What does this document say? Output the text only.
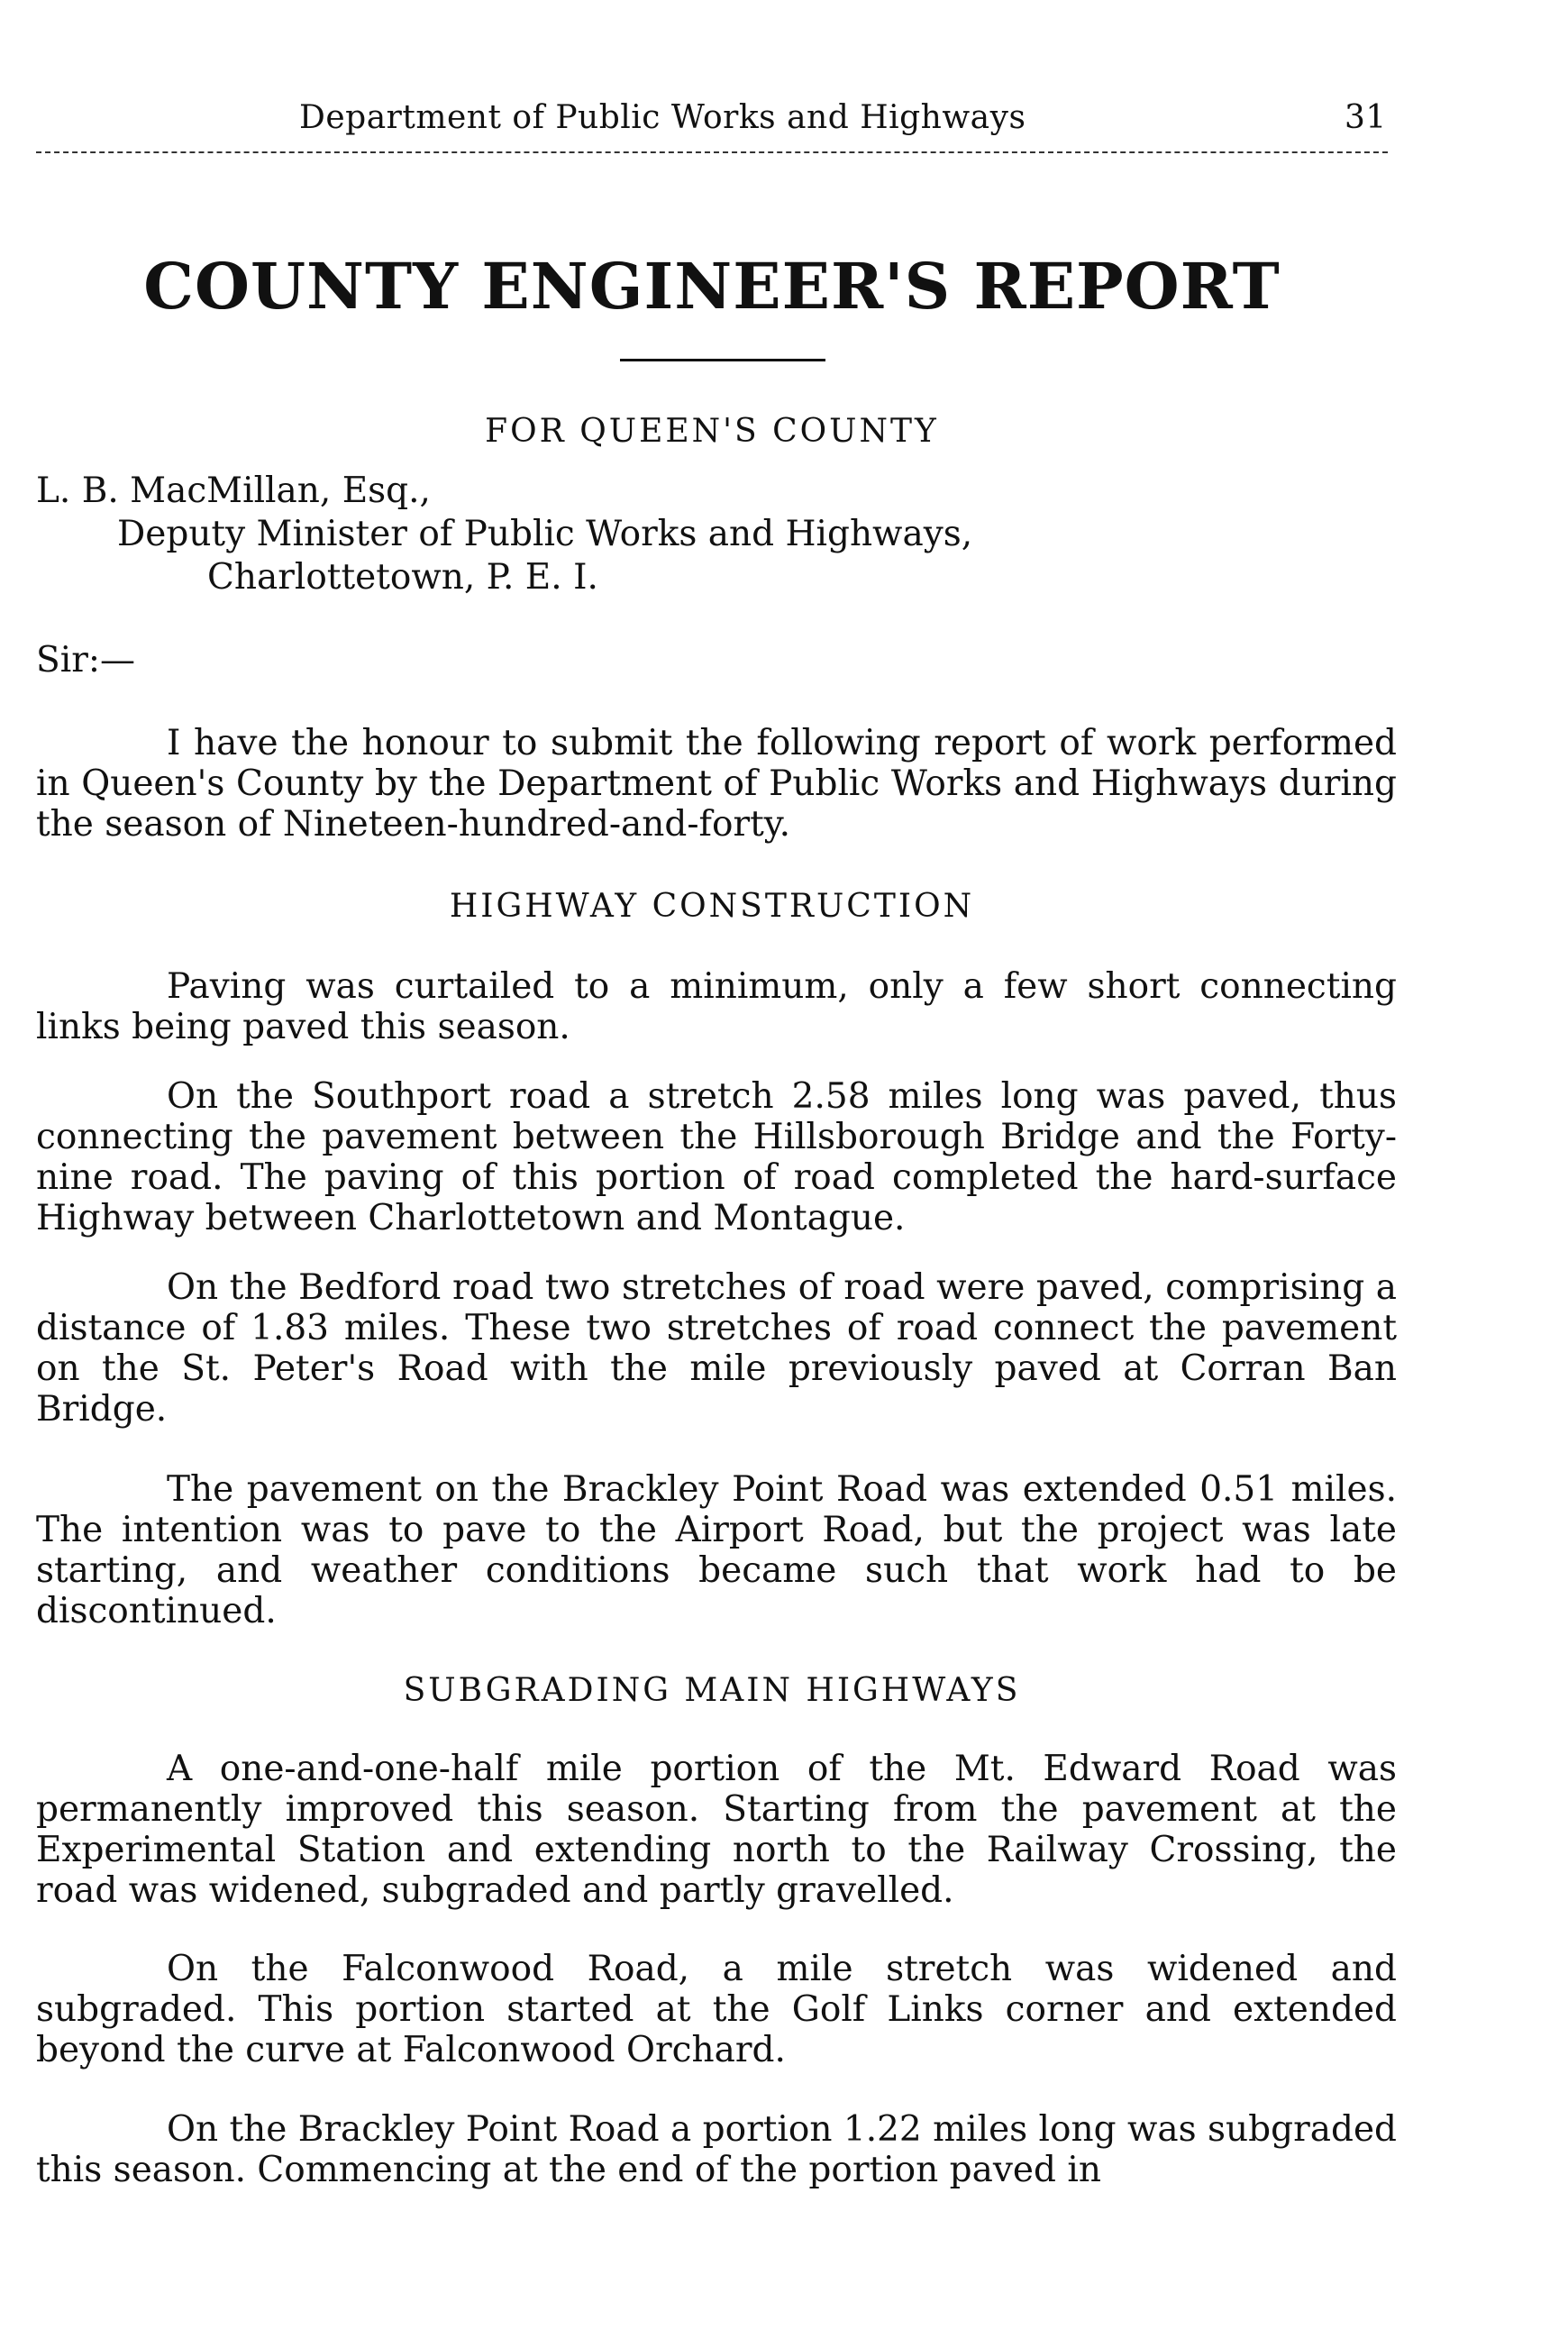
Department of Public Works and Highways	31
COUNTY ENGINEER'S REPORT
FOR QUEEN'S COUNTY
L. B. MacMillan, Esq.,
Deputy Minister of Public Works and Highways,
Charlottetown, P. E. I.
Sir:—
I have the honour to submit the following report of work performed in Queen's County by the Department of Public Works and Highways during the season of Nineteen-hundred-and-forty.
HIGHWAY CONSTRUCTION
Paving was curtailed to a minimum, only a few short connecting links being paved this season.
On the Southport road a stretch 2.58 miles long was paved, thus connecting the pavement between the Hillsborough Bridge and the Forty-nine road. The paving of this portion of road completed the hard-surface Highway between Charlottetown and Montague.
On the Bedford road two stretches of road were paved, comprising a distance of 1.83 miles. These two stretches of road connect the pavement on the St. Peter's Road with the mile previously paved at Corran Ban Bridge.
The pavement on the Brackley Point Road was extended 0.51 miles. The intention was to pave to the Airport Road, but the project was late starting, and weather conditions became such that work had to be discontinued.
SUBGRADING MAIN HIGHWAYS
A one-and-one-half mile portion of the Mt. Edward Road was permanently improved this season. Starting from the pavement at the Experimental Station and extending north to the Railway Crossing, the road was widened, subgraded and partly gravelled.
On the Falconwood Road, a mile stretch was widened and subgraded. This portion started at the Golf Links corner and extended beyond the curve at Falconwood Orchard.
On the Brackley Point Road a portion 1.22 miles long was subgraded this season. Commencing at the end of the portion paved in
